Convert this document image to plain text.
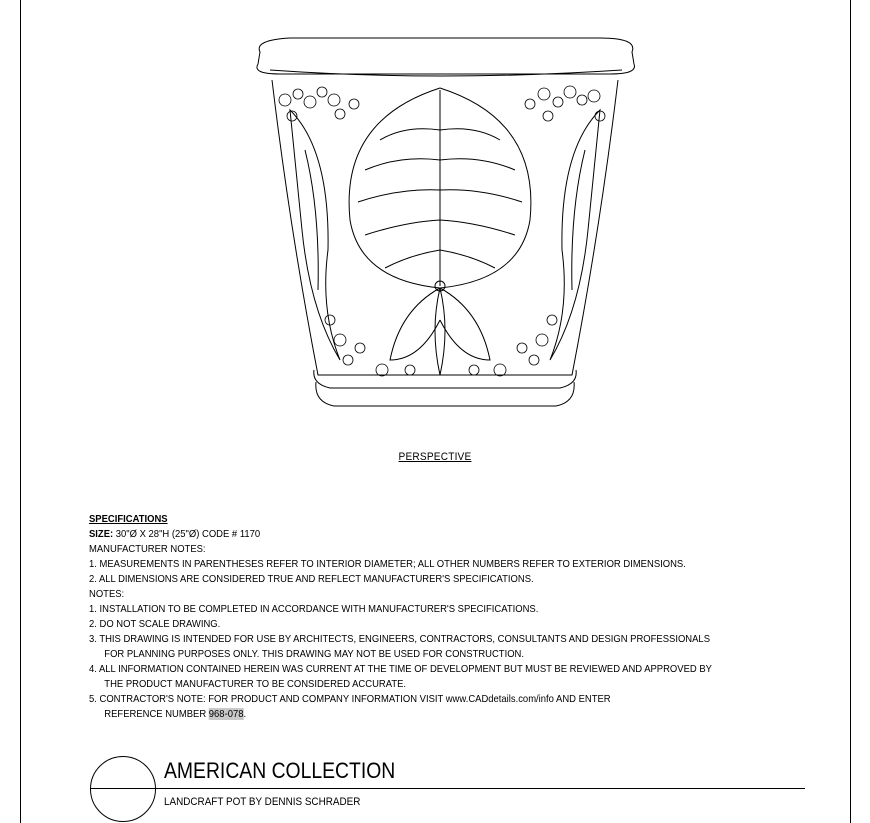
PERSPECTIVE
SPECIFICATIONS
SIZE: 30"Ø X 28"H (25"Ø) CODE # 1170
MANUFACTURER NOTES:
1. MEASUREMENTS IN PARENTHESES REFER TO INTERIOR DIAMETER; ALL OTHER NUMBERS REFER TO EXTERIOR DIMENSIONS.
2. ALL DIMENSIONS ARE CONSIDERED TRUE AND REFLECT MANUFACTURER'S SPECIFICATIONS.
NOTES:
1. INSTALLATION TO BE COMPLETED IN ACCORDANCE WITH MANUFACTURER'S SPECIFICATIONS.
2. DO NOT SCALE DRAWING.
3. THIS DRAWING IS INTENDED FOR USE BY ARCHITECTS, ENGINEERS, CONTRACTORS, CONSULTANTS AND DESIGN PROFESSIONALS
FOR PLANNING PURPOSES ONLY. THIS DRAWING MAY NOT BE USED FOR CONSTRUCTION.
4. ALL INFORMATION CONTAINED HEREIN WAS CURRENT AT THE TIME OF DEVELOPMENT BUT MUST BE REVIEWED AND APPROVED BY
THE PRODUCT MANUFACTURER TO BE CONSIDERED ACCURATE.
5. CONTRACTOR'S NOTE: FOR PRODUCT AND COMPANY INFORMATION VISIT www.CADdetails.com/info AND ENTER
REFERENCE NUMBER 968-078.
AMERICAN COLLECTION
LANDCRAFT POT BY DENNIS SCHRADER
